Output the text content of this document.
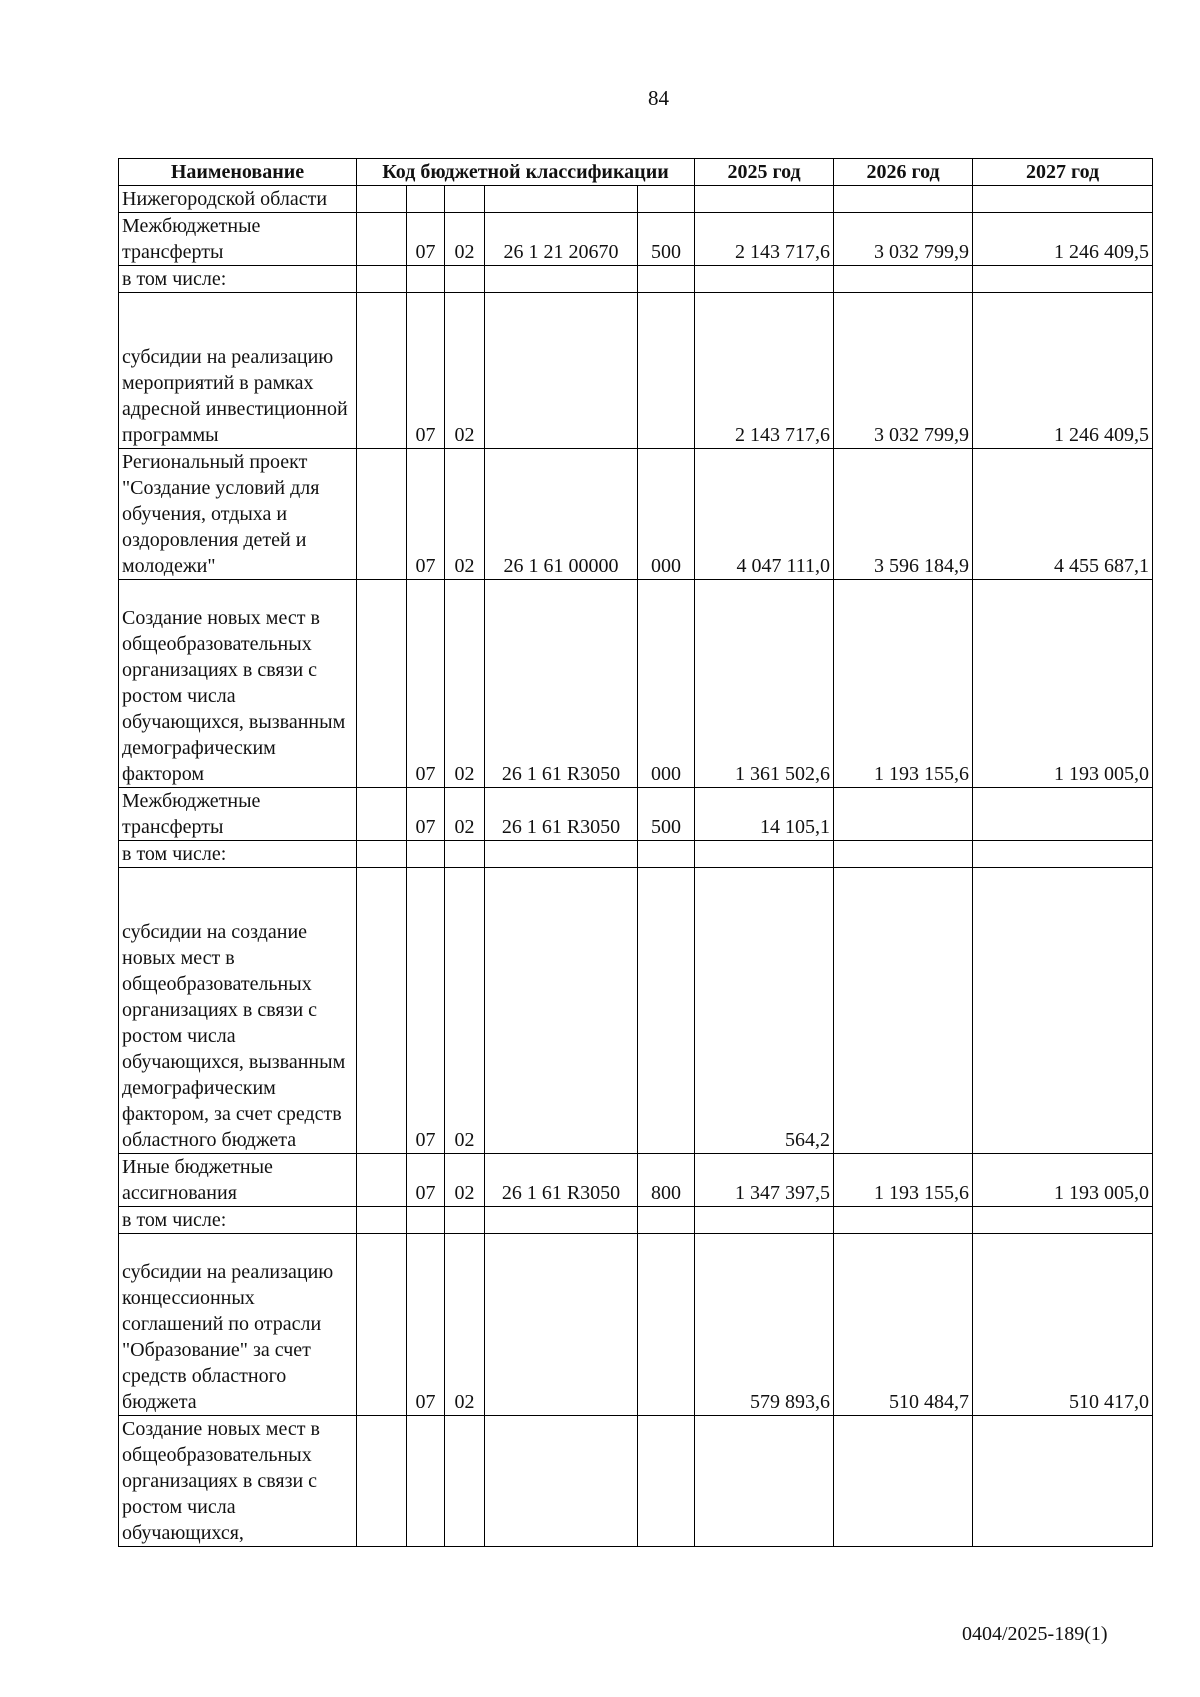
84
Наименование	Код бюджетной классификации					2025 год	2026 год	2027 год
Нижегородской области								
Межбюджетные трансферты		07	02	26 1 21 20670	500	2 143 717,6	3 032 799,9	1 246 409,5
в том числе:								
субсидии на реализацию мероприятий в рамках адресной инвестиционной программы		07	02			2 143 717,6	3 032 799,9	1 246 409,5
Региональный проект "Создание условий для обучения, отдыха и оздоровления детей и молодежи"		07	02	26 1 61 00000	000	4 047 111,0	3 596 184,9	4 455 687,1
Создание новых мест в общеобразовательных организациях в связи с ростом числа обучающихся, вызванным демографическим фактором		07	02	26 1 61 R3050	000	1 361 502,6	1 193 155,6	1 193 005,0
Межбюджетные трансферты		07	02	26 1 61 R3050	500	14 105,1		
в том числе:								
субсидии на создание новых мест в общеобразовательных организациях в связи с ростом числа обучающихся, вызванным демографическим фактором, за счет средств областного бюджета		07	02			564,2		
Иные бюджетные ассигнования		07	02	26 1 61 R3050	800	1 347 397,5	1 193 155,6	1 193 005,0
в том числе:								
субсидии на реализацию концессионных соглашений по отрасли "Образование" за счет средств областного бюджета		07	02			579 893,6	510 484,7	510 417,0
Создание новых мест в общеобразовательных организациях в связи с ростом числа обучающихся,								
0404/2025-189(1)
